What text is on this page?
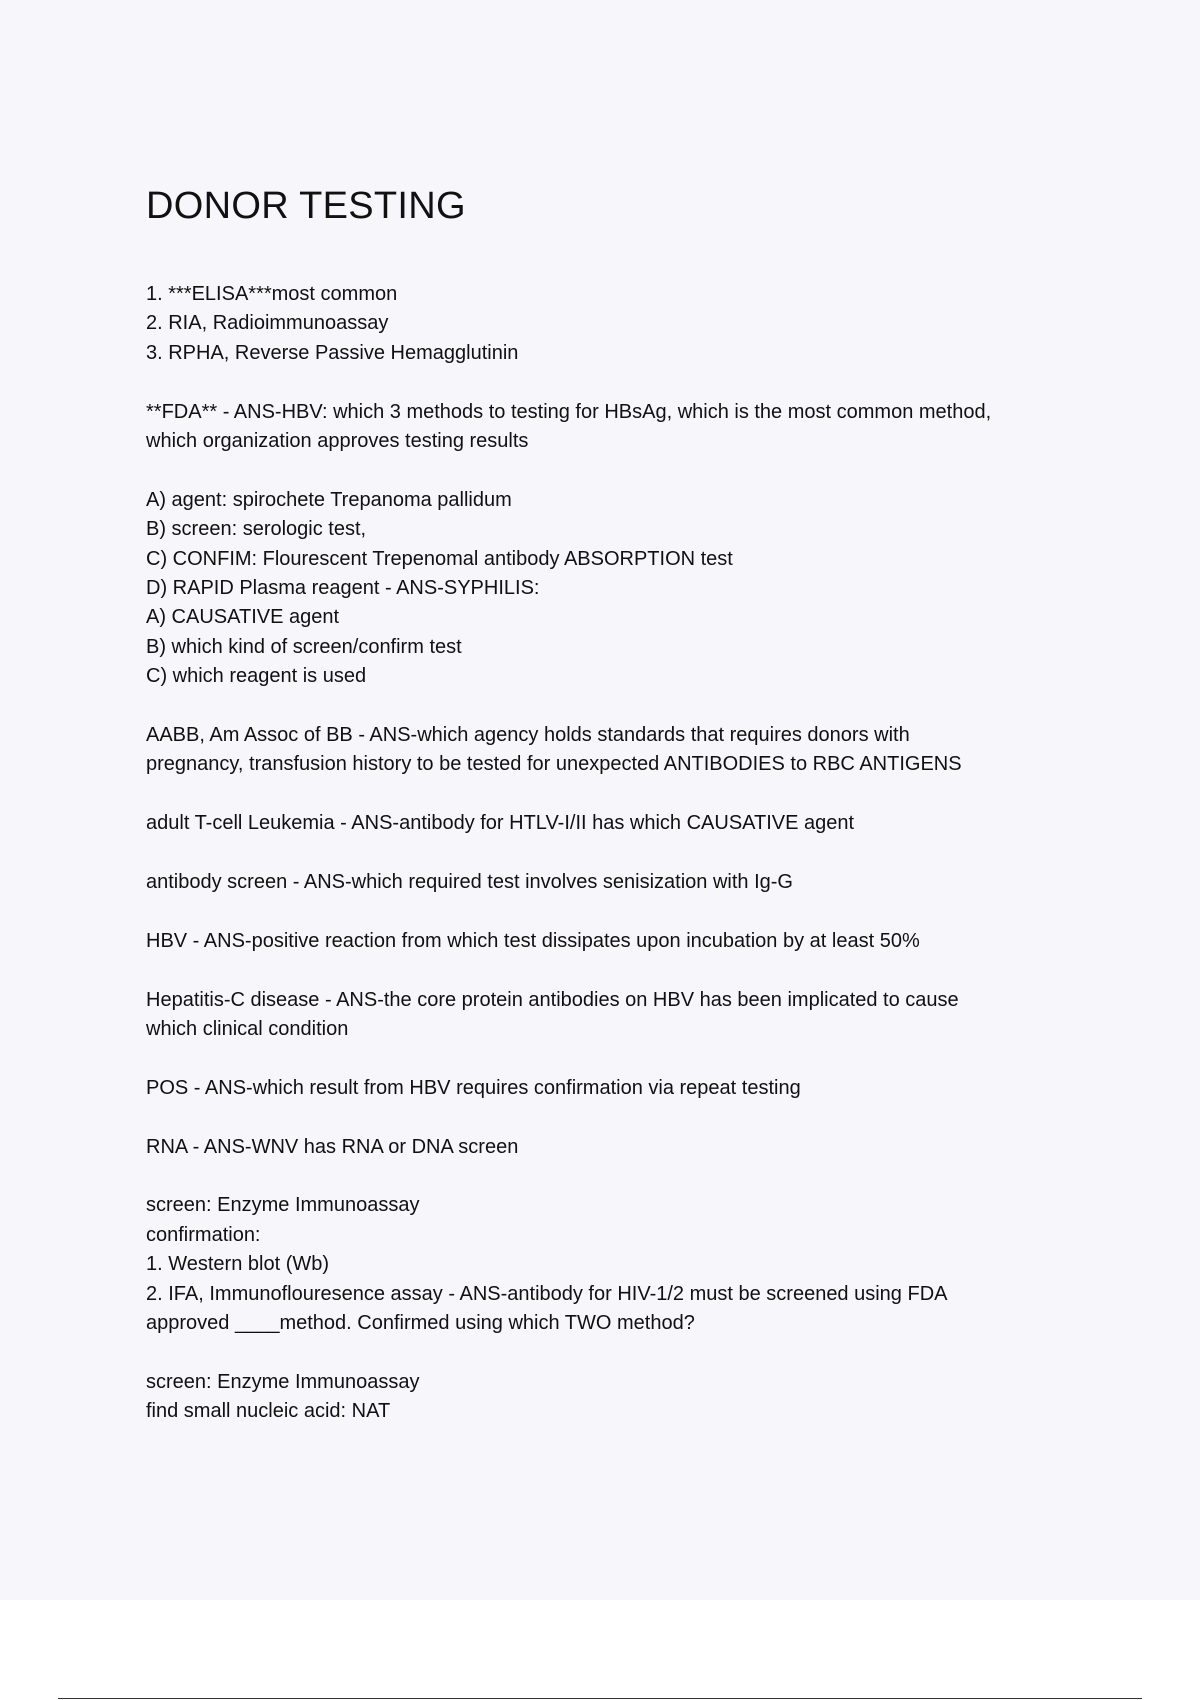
DONOR TESTING
1. ***ELISA***most common
2. RIA, Radioimmunoassay
3. RPHA, Reverse Passive Hemagglutinin
**FDA** - ANS-HBV: which 3 methods to testing for HBsAg, which is the most common method,
which organization approves testing results
A) agent: spirochete Trepanoma pallidum
B) screen: serologic test,
C) CONFIM: Flourescent Trepenomal antibody ABSORPTION test
D) RAPID Plasma reagent - ANS-SYPHILIS:
A) CAUSATIVE agent
B) which kind of screen/confirm test
C) which reagent is used
AABB, Am Assoc of BB - ANS-which agency holds standards that requires donors with
pregnancy, transfusion history to be tested for unexpected ANTIBODIES to RBC ANTIGENS
adult T-cell Leukemia - ANS-antibody for HTLV-I/II has which CAUSATIVE agent
antibody screen - ANS-which required test involves senisization with Ig-G
HBV - ANS-positive reaction from which test dissipates upon incubation by at least 50%
Hepatitis-C disease - ANS-the core protein antibodies on HBV has been implicated to cause
which clinical condition
POS - ANS-which result from HBV requires confirmation via repeat testing
RNA - ANS-WNV has RNA or DNA screen
screen: Enzyme Immunoassay
confirmation:
1. Western blot (Wb)
2. IFA, Immunoflouresence assay - ANS-antibody for HIV-1/2 must be screened using FDA
approved ____method. Confirmed using which TWO method?
screen: Enzyme Immunoassay
find small nucleic acid: NAT
